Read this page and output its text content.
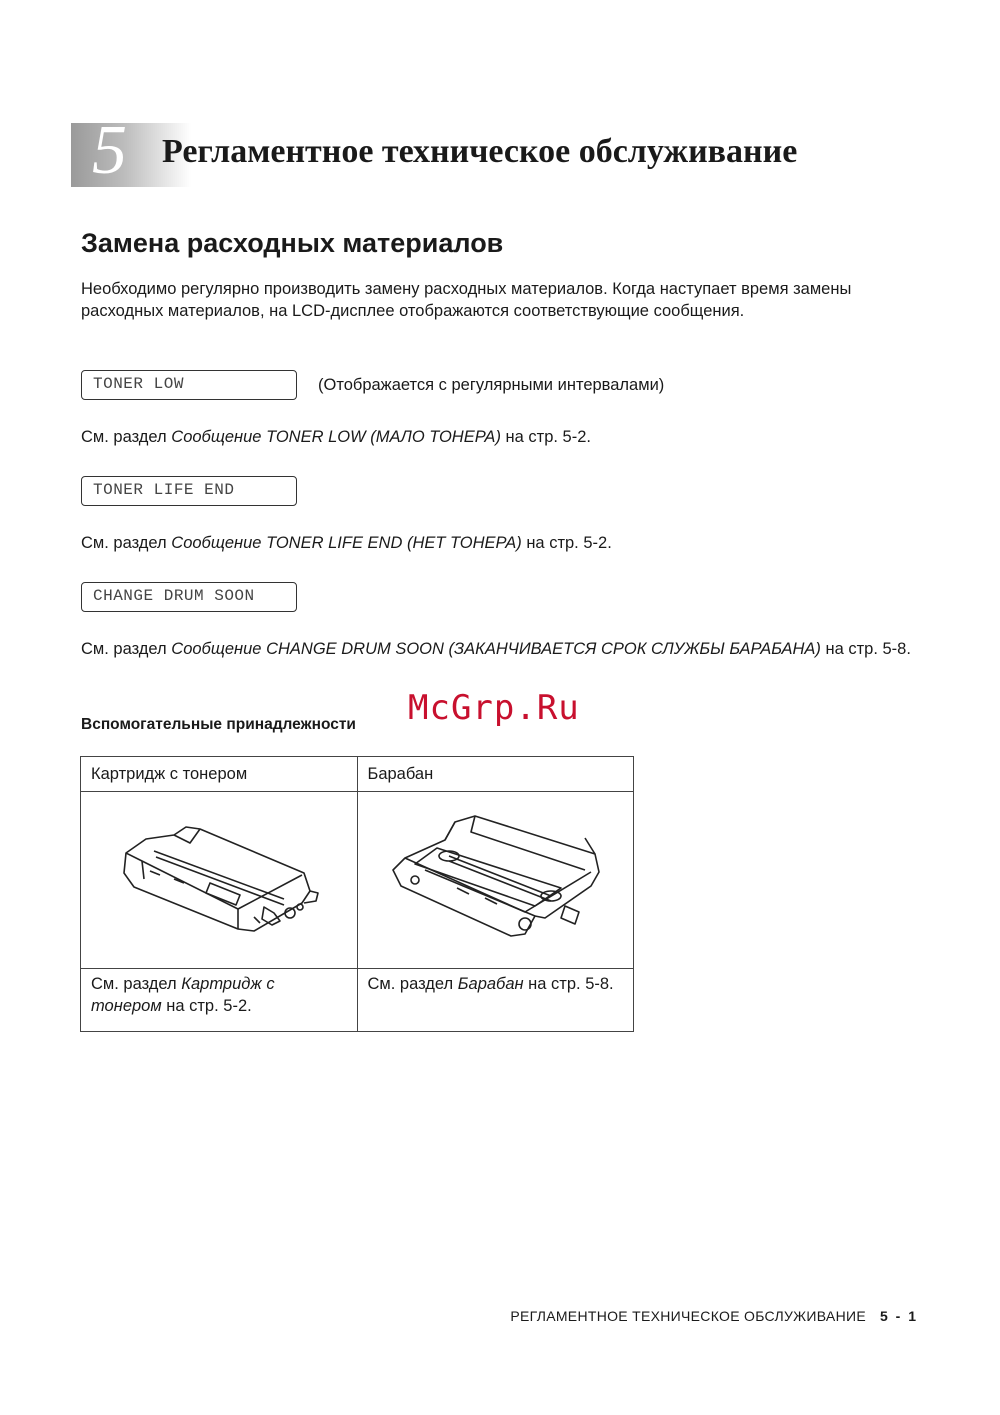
5 Регламентное техническое обслуживание
Замена расходных материалов
Необходимо регулярно производить замену расходных материалов. Когда наступает время замены расходных материалов, на LCD-дисплее отображаются соответствующие сообщения.
TONER LOW	(Отображается с регулярными интервалами)
См. раздел Сообщение TONER LOW (МАЛО ТОНЕРА) на стр. 5-2.
TONER LIFE END
См. раздел Сообщение TONER LIFE END (НЕТ ТОНЕРА) на стр. 5-2.
CHANGE DRUM SOON
См. раздел Сообщение CHANGE DRUM SOON (ЗАКАНЧИВАЕТСЯ СРОК СЛУЖБЫ БАРАБАНА) на стр. 5-8.
Вспомогательные принадлежности McGrp.Ru
Картридж с тонером	Барабан

См. раздел Картридж с тонером на стр. 5-2.	См. раздел Барабан на стр. 5-8.
РЕГЛАМЕНТНОЕ ТЕХНИЧЕСКОЕ ОБСЛУЖИВАНИЕ 5 - 1
